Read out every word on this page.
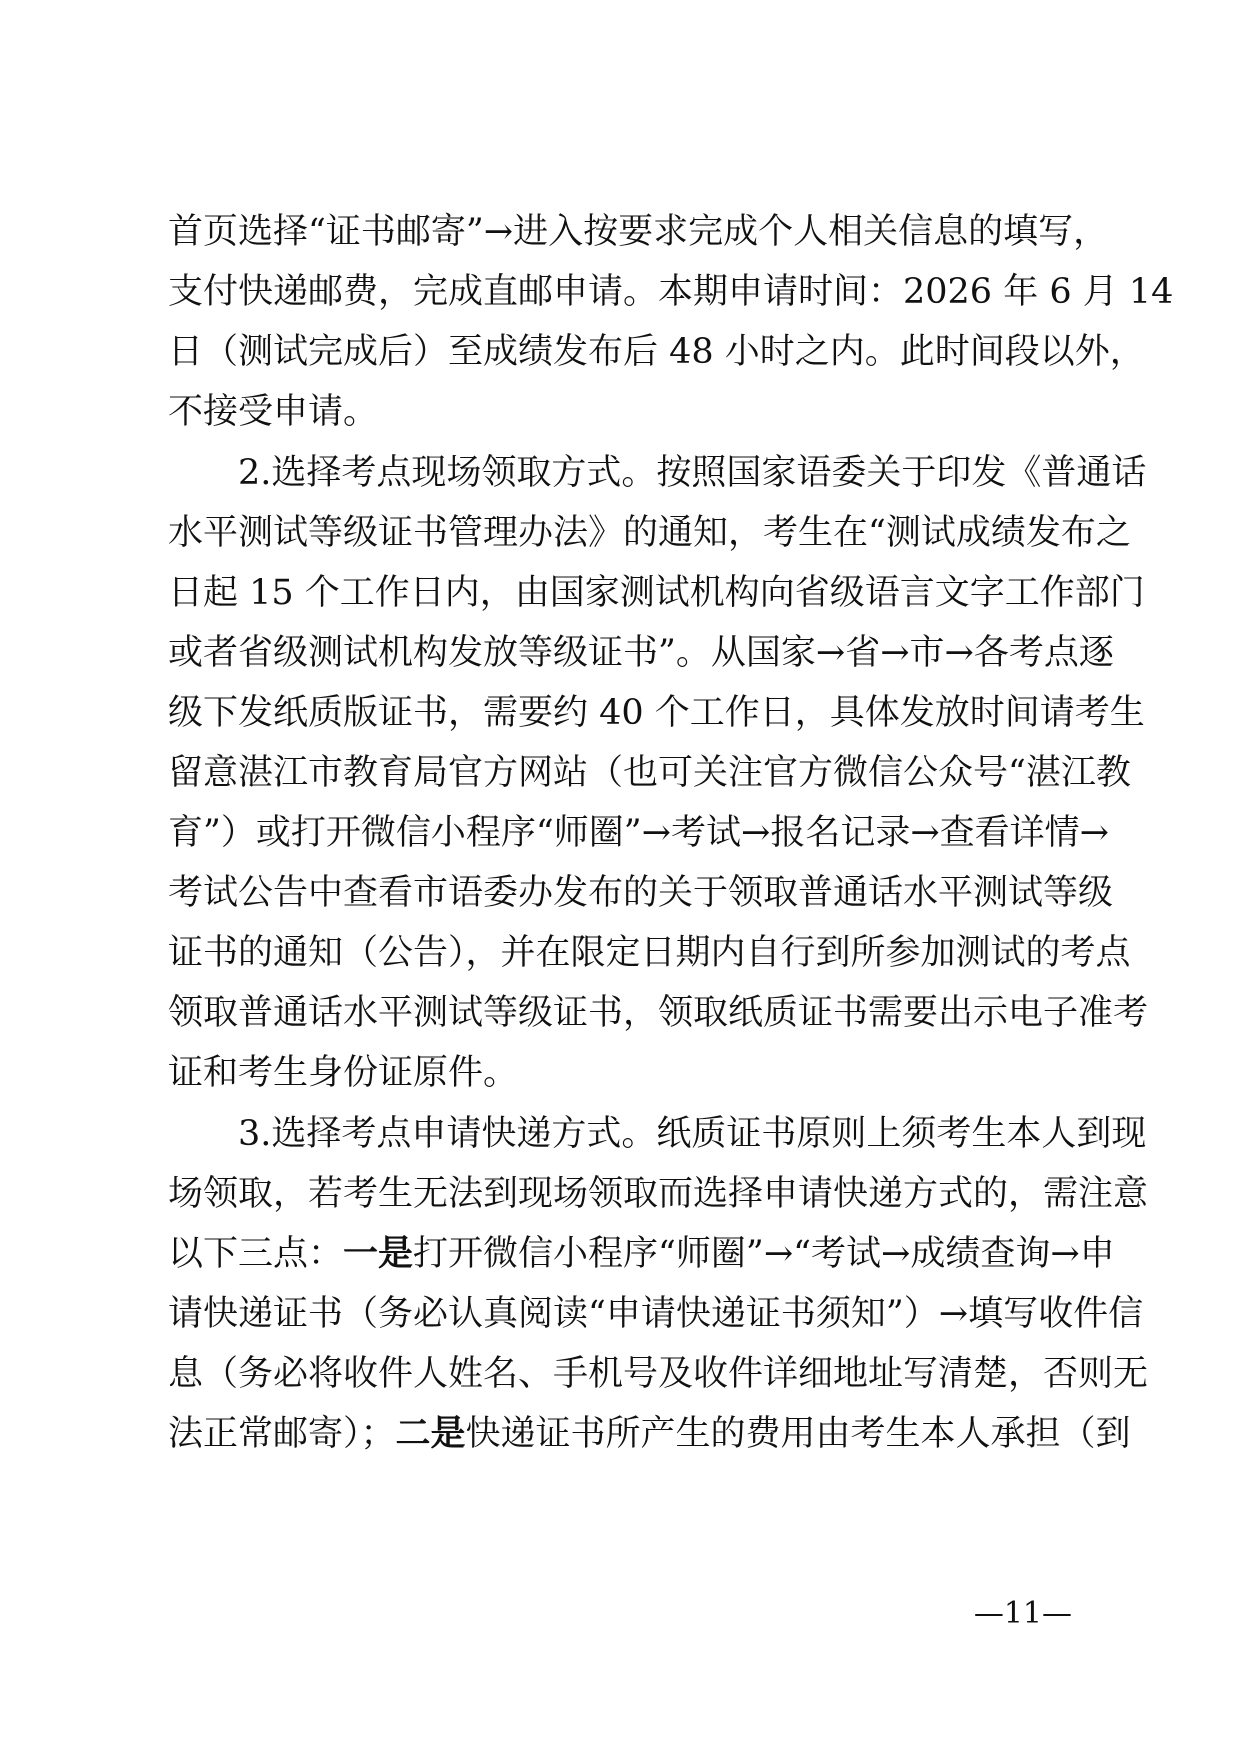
首页选择“证书邮寄”→进入按要求完成个人相关信息的填写，
支付快递邮费，完成直邮申请。本期申请时间：2026 年 6 月 14
日（测试完成后）至成绩发布后 48 小时之内。此时间段以外，
不接受申请。
2.选择考点现场领取方式。按照国家语委关于印发《普通话
水平测试等级证书管理办法》的通知，考生在“测试成绩发布之
日起 15 个工作日内，由国家测试机构向省级语言文字工作部门
或者省级测试机构发放等级证书”。从国家→省→市→各考点逐
级下发纸质版证书，需要约 40 个工作日，具体发放时间请考生
留意湛江市教育局官方网站（也可关注官方微信公众号“湛江教
育”）或打开微信小程序“师圈”→考试→报名记录→查看详情→
考试公告中查看市语委办发布的关于领取普通话水平测试等级
证书的通知（公告），并在限定日期内自行到所参加测试的考点
领取普通话水平测试等级证书，领取纸质证书需要出示电子准考
证和考生身份证原件。
3.选择考点申请快递方式。纸质证书原则上须考生本人到现
场领取，若考生无法到现场领取而选择申请快递方式的，需注意
以下三点：一是打开微信小程序“师圈”→“考试→成绩查询→申
请快递证书（务必认真阅读“申请快递证书须知”）→填写收件信
息（务必将收件人姓名、手机号及收件详细地址写清楚，否则无
法正常邮寄）；二是快递证书所产生的费用由考生本人承担（到
—11—
